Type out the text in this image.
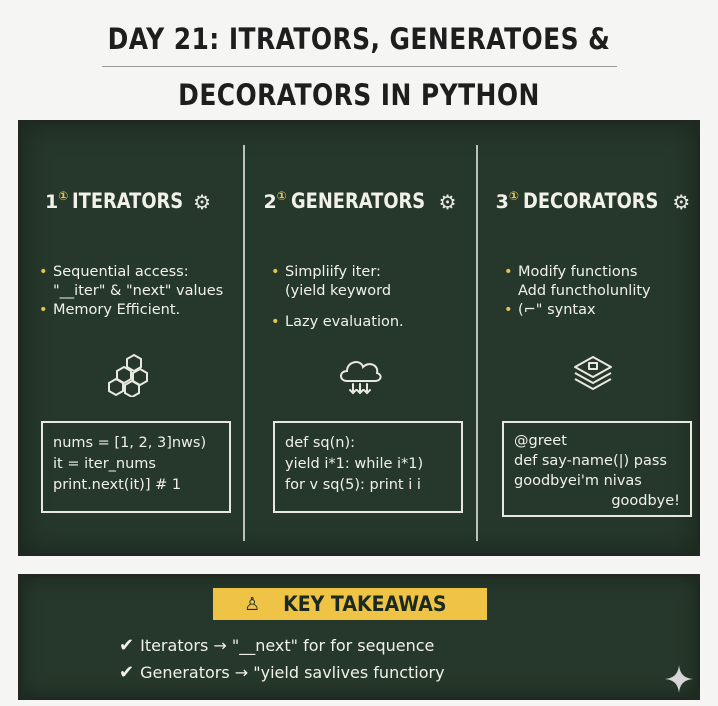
DAY 21: ITRATORS, GENERATOES &
DECORATORS IN PYTHON
1① ITERATORS ⚙
• Sequential access:
"__iter" & "next" values
• Memory Efficient.
nums = [1, 2, 3]nws)
it = iter_nums
print.next(it)] # 1
2① GENERATORS ⚙
• Simpliify iter:
(yield keyword
• Lazy evaluation.
def sq(n):
yield i*1: while i*1)
for v sq(5): print i i
3① DECORATORS ⚙
• Modify functions
Add functholunlity
• (⌐" syntax
@greet
def say-name(|) pass
goodbyei'm nivas
goodbye!
♙ KEY TAKEAWAS
✔ Iterators → "__next" for for sequence
✔ Generators → "yield savlives functiory
